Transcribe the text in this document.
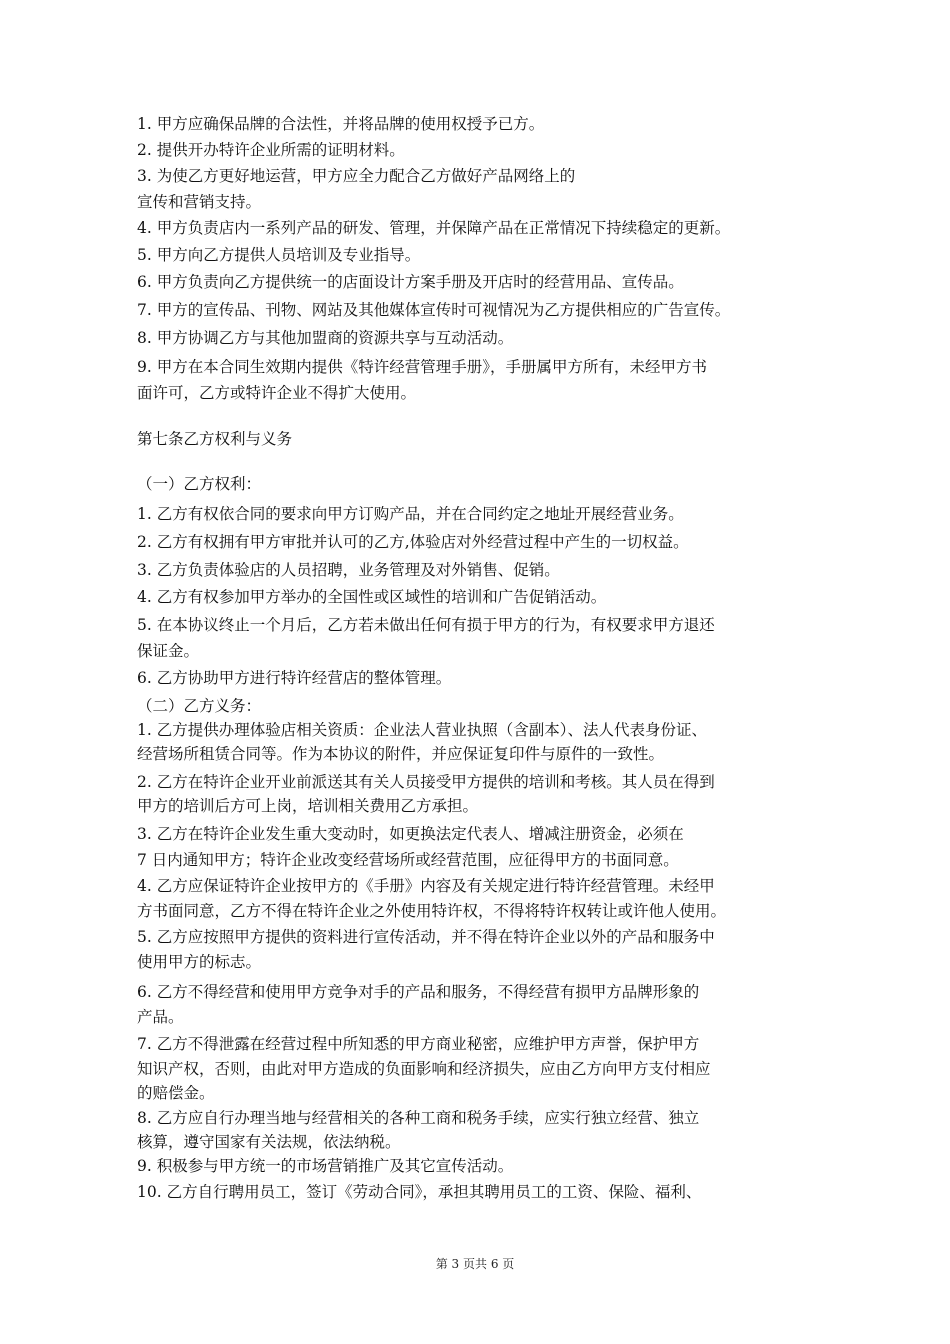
1. 甲方应确保品牌的合法性，并将品牌的使用权授予已方。
2. 提供开办特许企业所需的证明材料。
3. 为使乙方更好地运营，甲方应全力配合乙方做好产品网络上的
宣传和营销支持。
4. 甲方负责店内一系列产品的研发、管理，并保障产品在正常情况下持续稳定的更新。
5. 甲方向乙方提供人员培训及专业指导。
6. 甲方负责向乙方提供统一的店面设计方案手册及开店时的经营用品、宣传品。
7. 甲方的宣传品、刊物、网站及其他媒体宣传时可视情况为乙方提供相应的广告宣传。
8. 甲方协调乙方与其他加盟商的资源共享与互动活动。
9. 甲方在本合同生效期内提供《特许经营管理手册》，手册属甲方所有，未经甲方书
面许可，乙方或特许企业不得扩大使用。
第七条乙方权利与义务
（一）乙方权利：
1. 乙方有权依合同的要求向甲方订购产品，并在合同约定之地址开展经营业务。
2. 乙方有权拥有甲方审批并认可的乙方,体验店对外经营过程中产生的一切权益。
3. 乙方负责体验店的人员招聘，业务管理及对外销售、促销。
4. 乙方有权参加甲方举办的全国性或区域性的培训和广告促销活动。
5. 在本协议终止一个月后，乙方若未做出任何有损于甲方的行为，有权要求甲方退还
保证金。
6. 乙方协助甲方进行特许经营店的整体管理。
（二）乙方义务：
1. 乙方提供办理体验店相关资质：企业法人营业执照（含副本）、法人代表身份证、
经营场所租赁合同等。作为本协议的附件，并应保证复印件与原件的一致性。
2. 乙方在特许企业开业前派送其有关人员接受甲方提供的培训和考核。其人员在得到
甲方的培训后方可上岗，培训相关费用乙方承担。
3. 乙方在特许企业发生重大变动时，如更换法定代表人、增减注册资金，必须在
7 日内通知甲方；特许企业改变经营场所或经营范围，应征得甲方的书面同意。
4. 乙方应保证特许企业按甲方的《手册》内容及有关规定进行特许经营管理。未经甲
方书面同意，乙方不得在特许企业之外使用特许权，不得将特许权转让或许他人使用。
5. 乙方应按照甲方提供的资料进行宣传活动，并不得在特许企业以外的产品和服务中
使用甲方的标志。
6. 乙方不得经营和使用甲方竞争对手的产品和服务，不得经营有损甲方品牌形象的
产品。
7. 乙方不得泄露在经营过程中所知悉的甲方商业秘密，应维护甲方声誉，保护甲方
知识产权，否则，由此对甲方造成的负面影响和经济损失，应由乙方向甲方支付相应
的赔偿金。
8. 乙方应自行办理当地与经营相关的各种工商和税务手续，应实行独立经营、独立
核算，遵守国家有关法规，依法纳税。
9. 积极参与甲方统一的市场营销推广及其它宣传活动。
10. 乙方自行聘用员工，签订《劳动合同》，承担其聘用员工的工资、保险、福利、
第 3 页共 6 页
